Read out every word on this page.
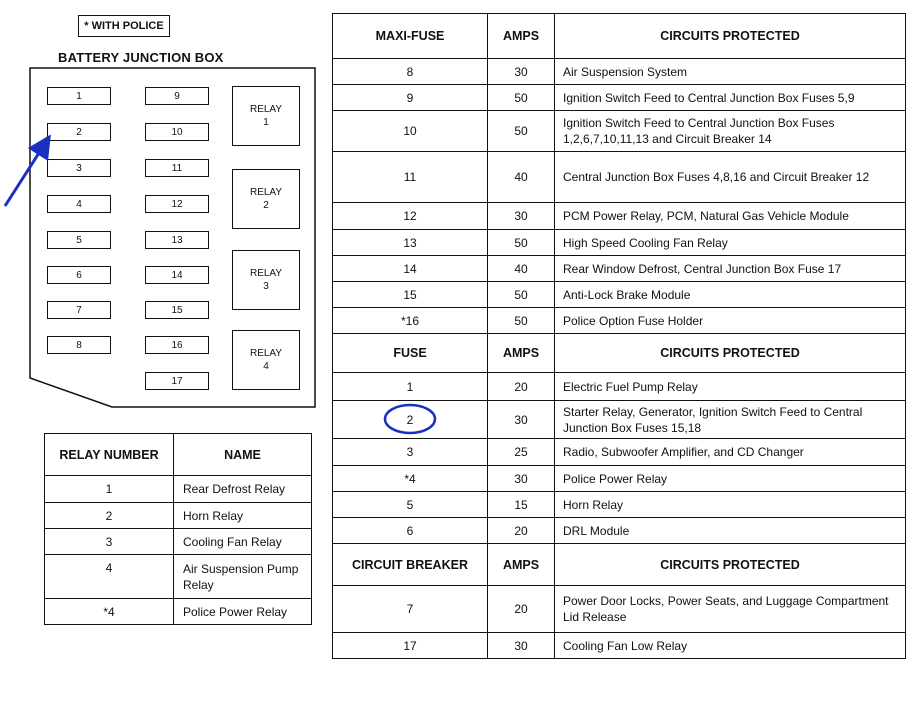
* WITH POLICE
BATTERY JUNCTION BOX
1
2
3
4
5
6
7
8
9
10
11
12
13
14
15
16
17
RELAY
1
RELAY
2
RELAY
3
RELAY
4
RELAY NUMBER	NAME
1	Rear Defrost Relay
2	Horn Relay
3	Cooling Fan Relay
4	Air Suspension Pump Relay
*4	Police Power Relay
MAXI-FUSE	AMPS	CIRCUITS PROTECTED
8	30	Air Suspension System
9	50	Ignition Switch Feed to Central Junction Box Fuses 5,9
10	50	Ignition Switch Feed to Central Junction Box Fuses 1,2,6,7,10,11,13 and Circuit Breaker 14
11	40	Central Junction Box Fuses 4,8,16 and Circuit Breaker 12
12	30	PCM Power Relay, PCM, Natural Gas Vehicle Module
13	50	High Speed Cooling Fan Relay
14	40	Rear Window Defrost, Central Junction Box Fuse 17
15	50	Anti-Lock Brake Module
*16	50	Police Option Fuse Holder
FUSE	AMPS	CIRCUITS PROTECTED
1	20	Electric Fuel Pump Relay
2	30	Starter Relay, Generator, Ignition Switch Feed to Central Junction Box Fuses 15,18
3	25	Radio, Subwoofer Amplifier, and CD Changer
*4	30	Police Power Relay
5	15	Horn Relay
6	20	DRL Module
CIRCUIT BREAKER	AMPS	CIRCUITS PROTECTED
7	20	Power Door Locks, Power Seats, and Luggage Compartment Lid Release
17	30	Cooling Fan Low Relay
